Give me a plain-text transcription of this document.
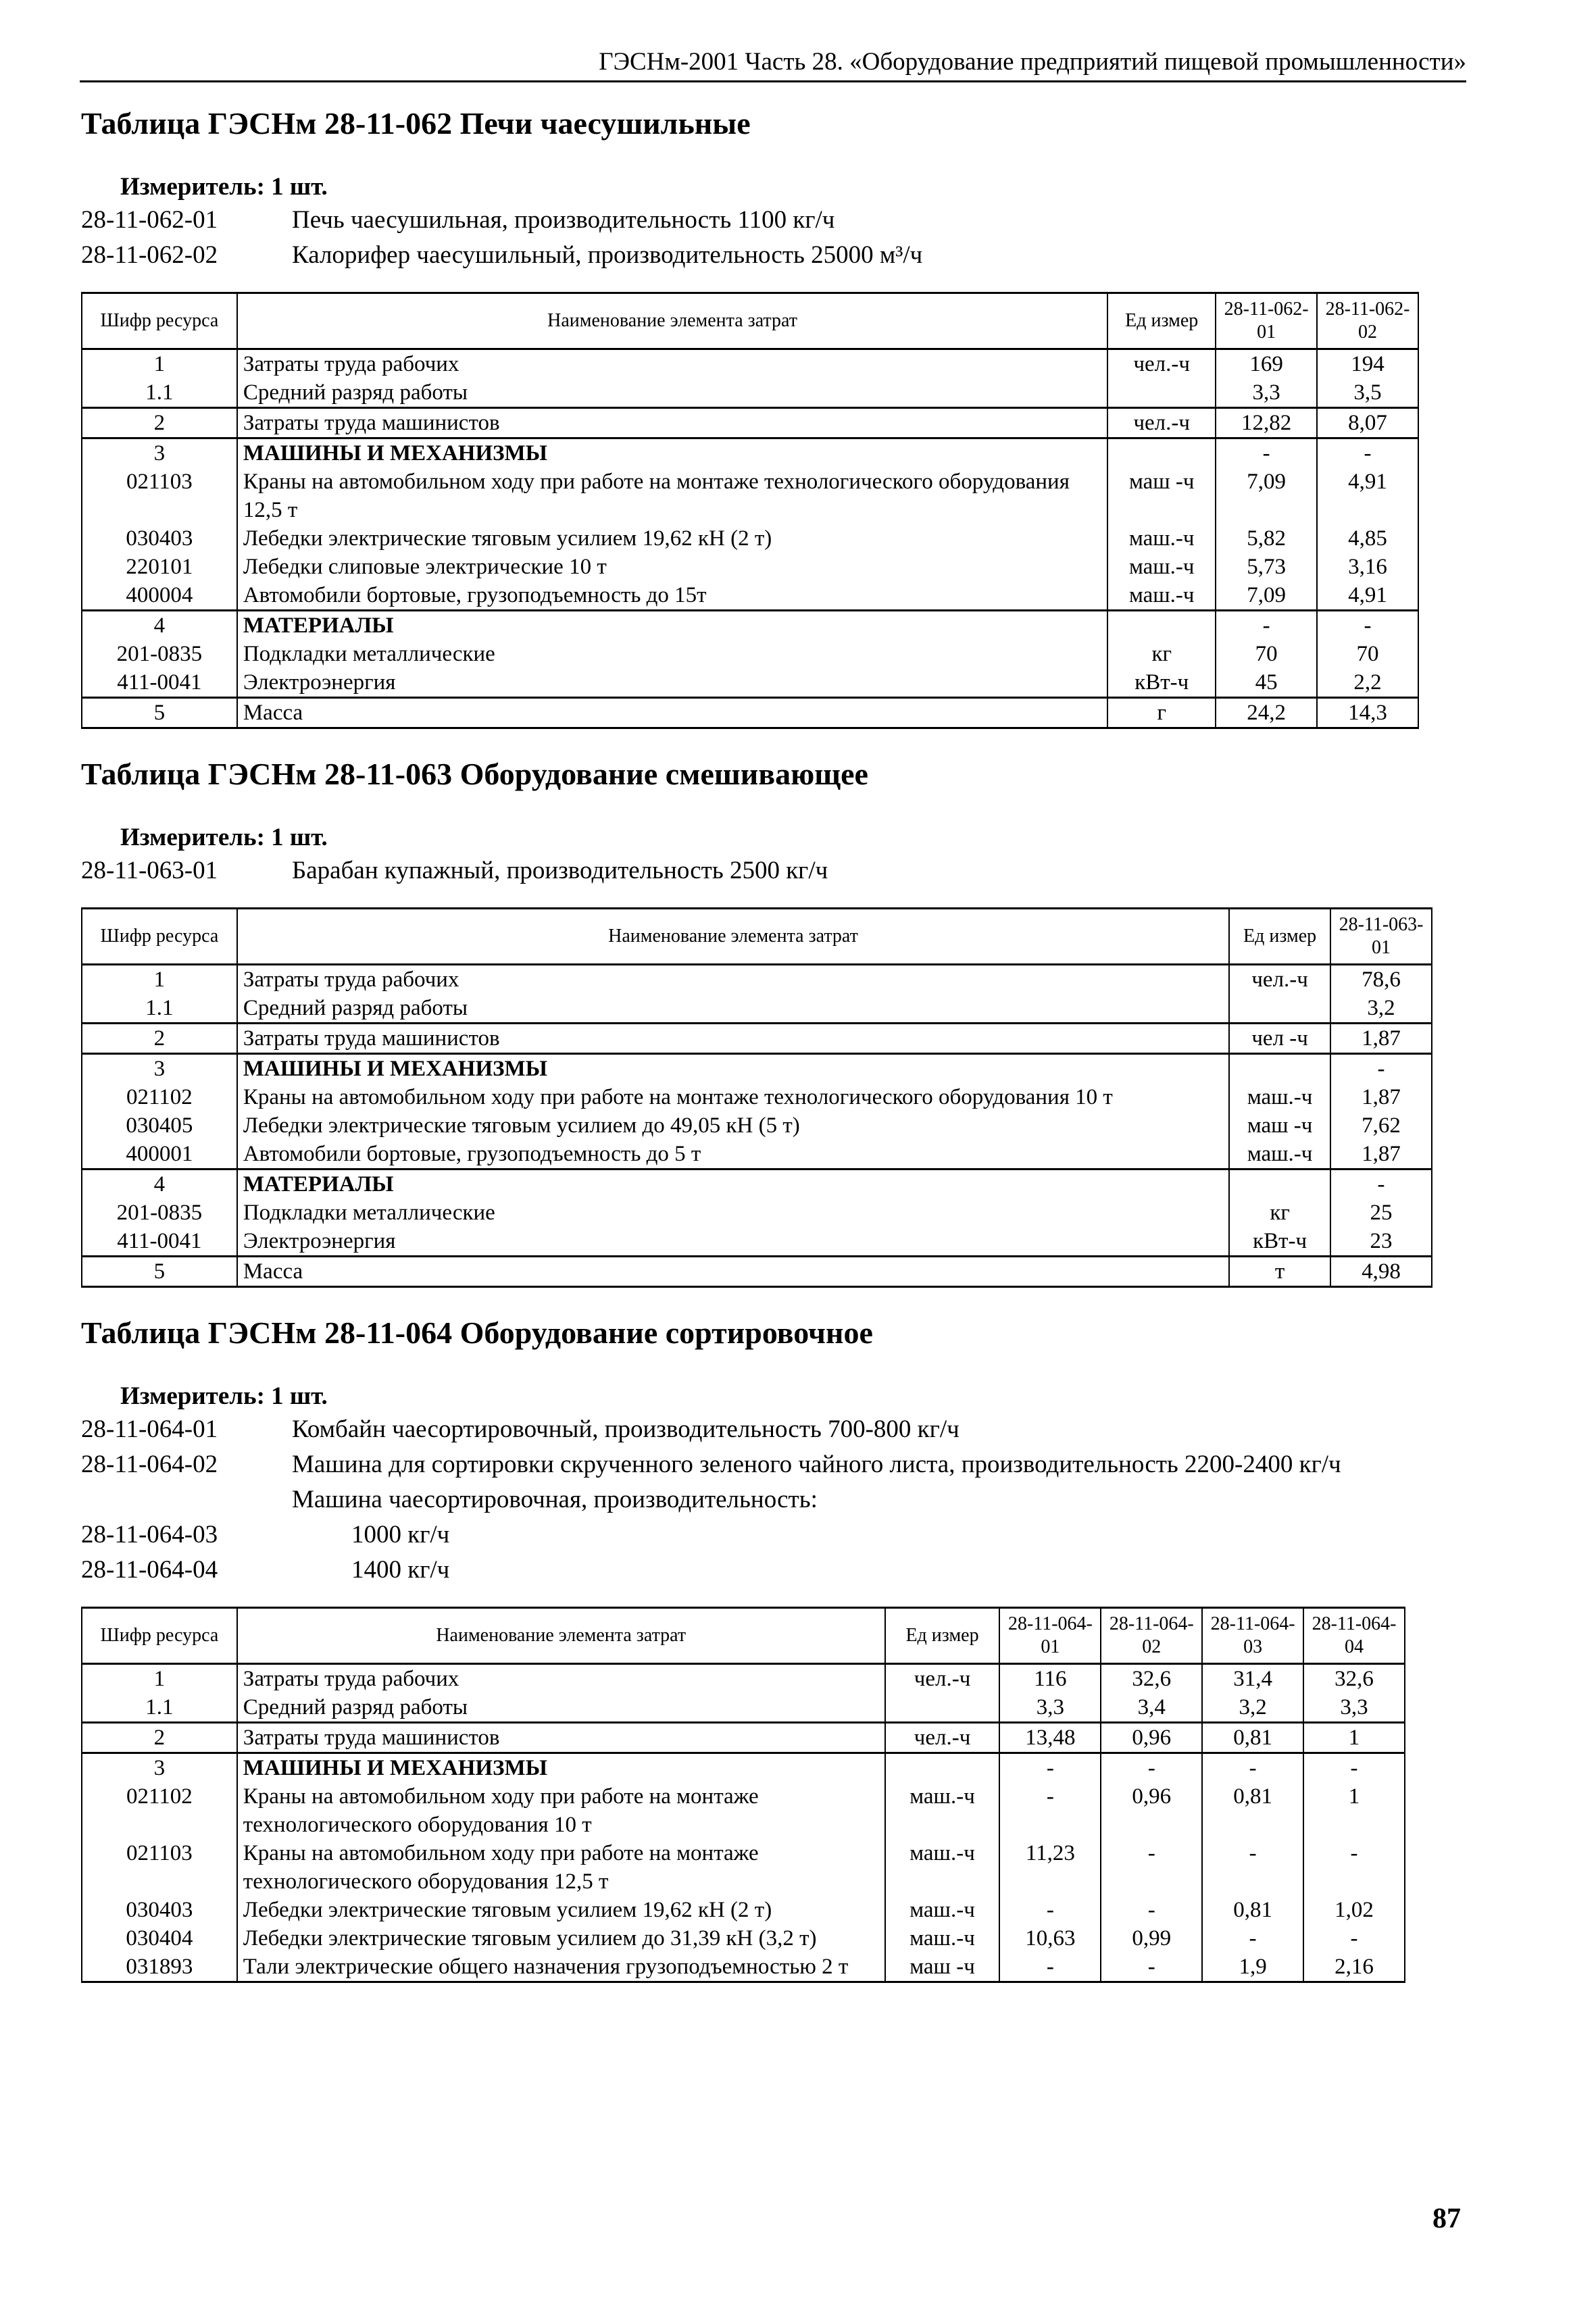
ГЭСНм-2001 Часть 28. «Оборудование предприятий пищевой промышленности»
Таблица ГЭСНм 28-11-062 Печи чаесушильные
Измеритель: 1 шт.
28-11-062-01	Печь чаесушильная, производительность 1100 кг/ч
28-11-062-02	Калорифер чаесушильный, производительность 25000 м³/ч
Шифр ресурса	Наименование элемента затрат	Ед измер	28-11-062-01	28-11-062-02
1	Затраты труда рабочих	чел.-ч	169	194
1.1	Средний разряд работы		3,3	3,5
2	Затраты труда машинистов	чел.-ч	12,82	8,07
3	МАШИНЫ И МЕХАНИЗМЫ		-	-
021103	Краны на автомобильном ходу при работе на монтаже технологического оборудования 12,5 т	маш -ч	7,09	4,91
030403	Лебедки электрические тяговым усилием 19,62 кН (2 т)	маш.-ч	5,82	4,85
220101	Лебедки слиповые электрические 10 т	маш.-ч	5,73	3,16
400004	Автомобили бортовые, грузоподъемность до 15т	маш.-ч	7,09	4,91
4	МАТЕРИАЛЫ		-	-
201-0835	Подкладки металлические	кг	70	70
411-0041	Электроэнергия	кВт-ч	45	2,2
5	Масса	г	24,2	14,3
Таблица ГЭСНм 28-11-063 Оборудование смешивающее
Измеритель: 1 шт.
28-11-063-01	Барабан купажный, производительность 2500 кг/ч
Шифр ресурса	Наименование элемента затрат	Ед измер	28-11-063-01
1	Затраты труда рабочих	чел.-ч	78,6
1.1	Средний разряд работы		3,2
2	Затраты труда машинистов	чел -ч	1,87
3	МАШИНЫ И МЕХАНИЗМЫ		-
021102	Краны на автомобильном ходу при работе на монтаже технологического оборудования 10 т	маш.-ч	1,87
030405	Лебедки электрические тяговым усилием до 49,05 кН (5 т)	маш -ч	7,62
400001	Автомобили бортовые, грузоподъемность до 5 т	маш.-ч	1,87
4	МАТЕРИАЛЫ		-
201-0835	Подкладки металлические	кг	25
411-0041	Электроэнергия	кВт-ч	23
5	Масса	т	4,98
Таблица ГЭСНм 28-11-064 Оборудование сортировочное
Измеритель: 1 шт.
28-11-064-01	Комбайн чаесортировочный, производительность 700-800 кг/ч
28-11-064-02	Машина для сортировки скрученного зеленого чайного листа, производительность 2200-2400 кг/ч
Машина чаесортировочная, производительность:
28-11-064-03	1000 кг/ч
28-11-064-04	1400 кг/ч
Шифр ресурса	Наименование элемента затрат	Ед измер	28-11-064-01	28-11-064-02	28-11-064-03	28-11-064-04
1	Затраты труда рабочих	чел.-ч	116	32,6	31,4	32,6
1.1	Средний разряд работы		3,3	3,4	3,2	3,3
2	Затраты труда машинистов	чел.-ч	13,48	0,96	0,81	1
3	МАШИНЫ И МЕХАНИЗМЫ		-	-	-	-
021102	Краны на автомобильном ходу при работе на монтаже технологического оборудования 10 т	маш.-ч	-	0,96	0,81	1
021103	Краны на автомобильном ходу при работе на монтаже технологического оборудования 12,5 т	маш.-ч	11,23	-	-	-
030403	Лебедки электрические тяговым усилием 19,62 кН (2 т)	маш.-ч	-	-	0,81	1,02
030404	Лебедки электрические тяговым усилием до 31,39 кН (3,2 т)	маш.-ч	10,63	0,99	-	-
031893	Тали электрические общего назначения грузоподъемностью 2 т	маш -ч	-	-	1,9	2,16
87
